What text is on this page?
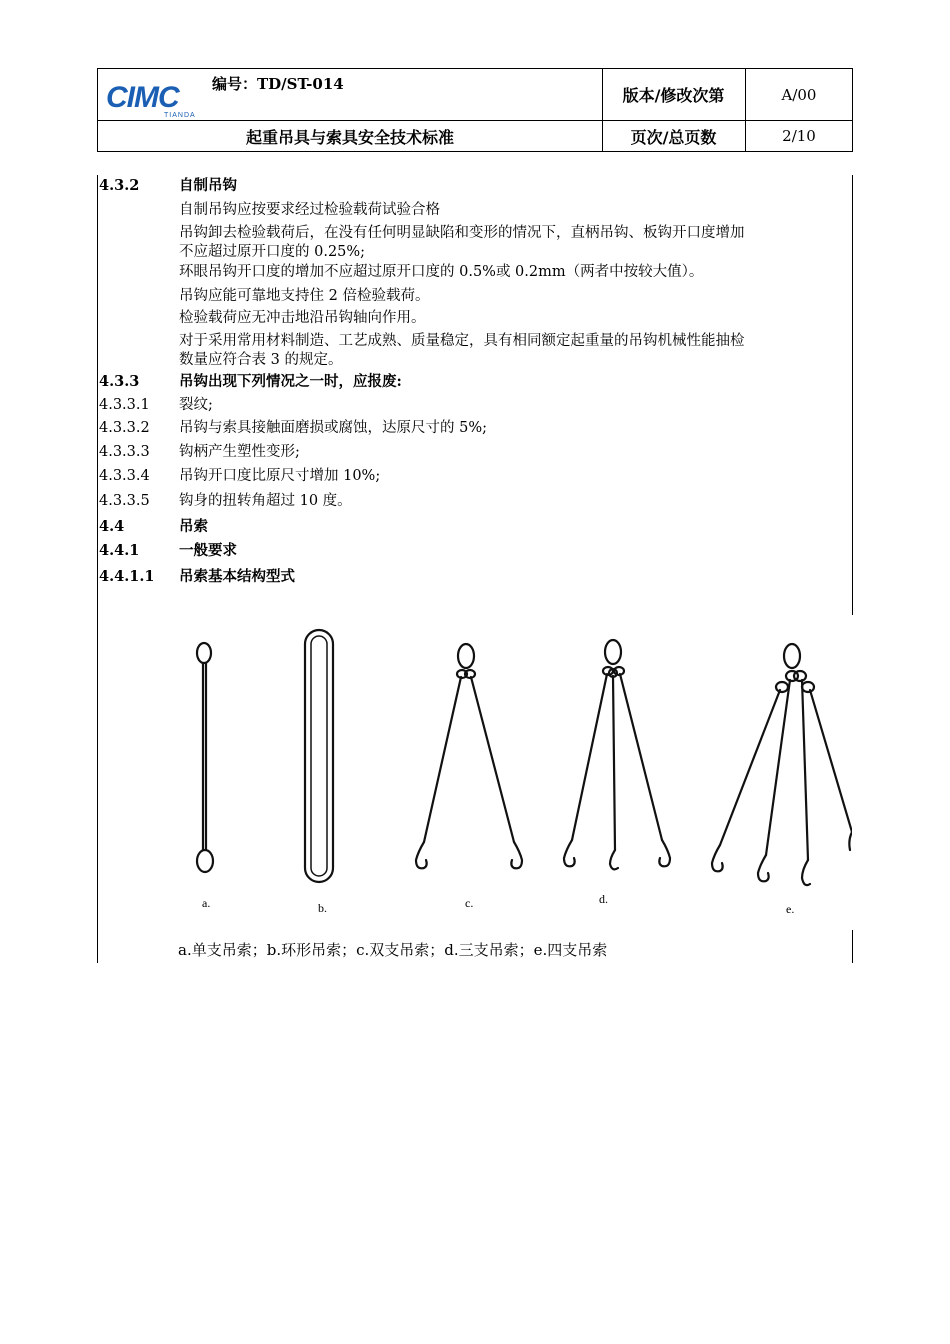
CIMC
TIANDA
编号：TD/ST-014
版本/修改次第	A/00
起重吊具与索具安全技术标准	页次/总页数	2/10
4.3.2	自制吊钩
自制吊钩应按要求经过检验载荷试验合格
吊钩卸去检验载荷后，在没有任何明显缺陷和变形的情况下，直柄吊钩、板钩开口度增加
不应超过原开口度的 0.25%;
环眼吊钩开口度的增加不应超过原开口度的 0.5%或 0.2mm（两者中按较大值）。
吊钩应能可靠地支持住 2 倍检验载荷。
检验载荷应无冲击地沿吊钩轴向作用。
对于采用常用材料制造、工艺成熟、质量稳定，具有相同额定起重量的吊钩机械性能抽检
数量应符合表 3 的规定。
4.3.3	吊钩出现下列情况之一时，应报废:
4.3.3.1 裂纹;
4.3.3.2 吊钩与索具接触面磨损或腐蚀，达原尺寸的 5%;
4.3.3.3 钩柄产生塑性变形;
4.3.3.4 吊钩开口度比原尺寸增加 10%;
4.3.3.5 钩身的扭转角超过 10 度。
4.4	吊索
4.4.1	一般要求
4.4.1.1 吊索基本结构型式
a.	b.	c.	d.
e.
a.单支吊索；b.环形吊索；c.双支吊索；d.三支吊索；e.四支吊索
